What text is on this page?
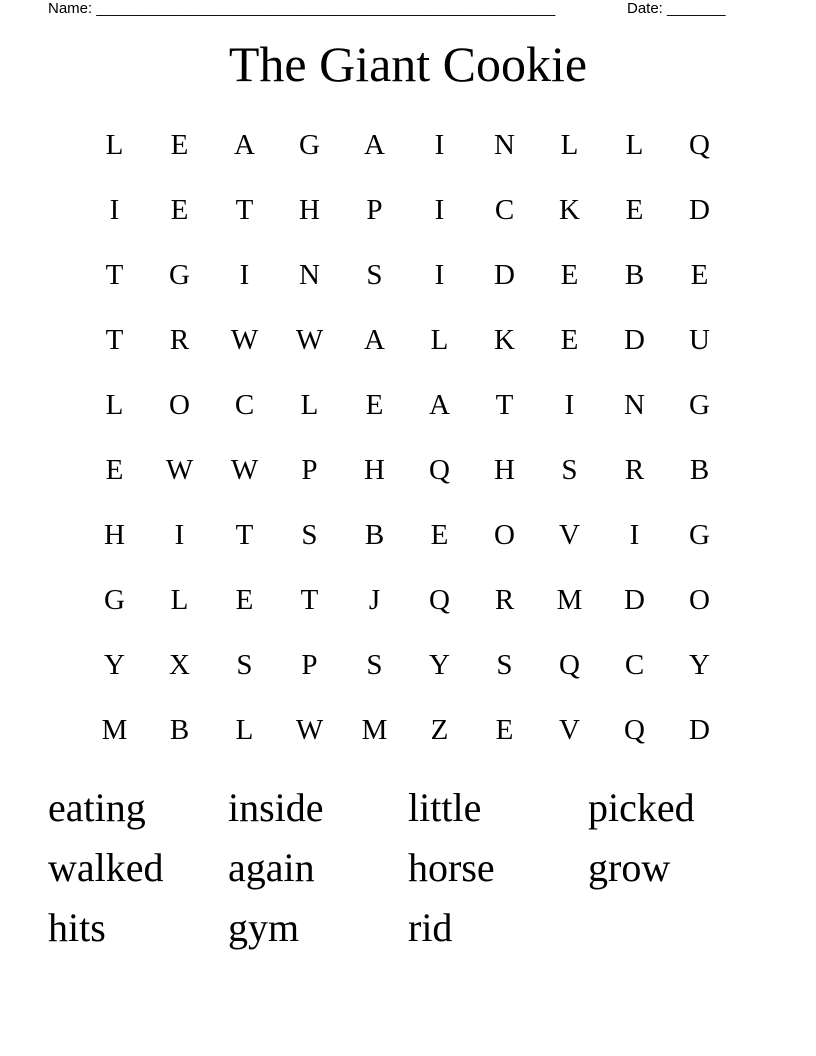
Name: _______________________________________________________	Date: _______
The Giant Cookie
L	E	A	G	A	I	N	L	L	Q
I	E	T	H	P	I	C	K	E	D
T	G	I	N	S	I	D	E	B	E
T	R	W	W	A	L	K	E	D	U
L	O	C	L	E	A	T	I	N	G
E	W	W	P	H	Q	H	S	R	B
H	I	T	S	B	E	O	V	I	G
G	L	E	T	J	Q	R	M	D	O
Y	X	S	P	S	Y	S	Q	C	Y
M	B	L	W	M	Z	E	V	Q	D
eating	inside	little	picked
walked	again	horse	grow
hits	gym	rid
